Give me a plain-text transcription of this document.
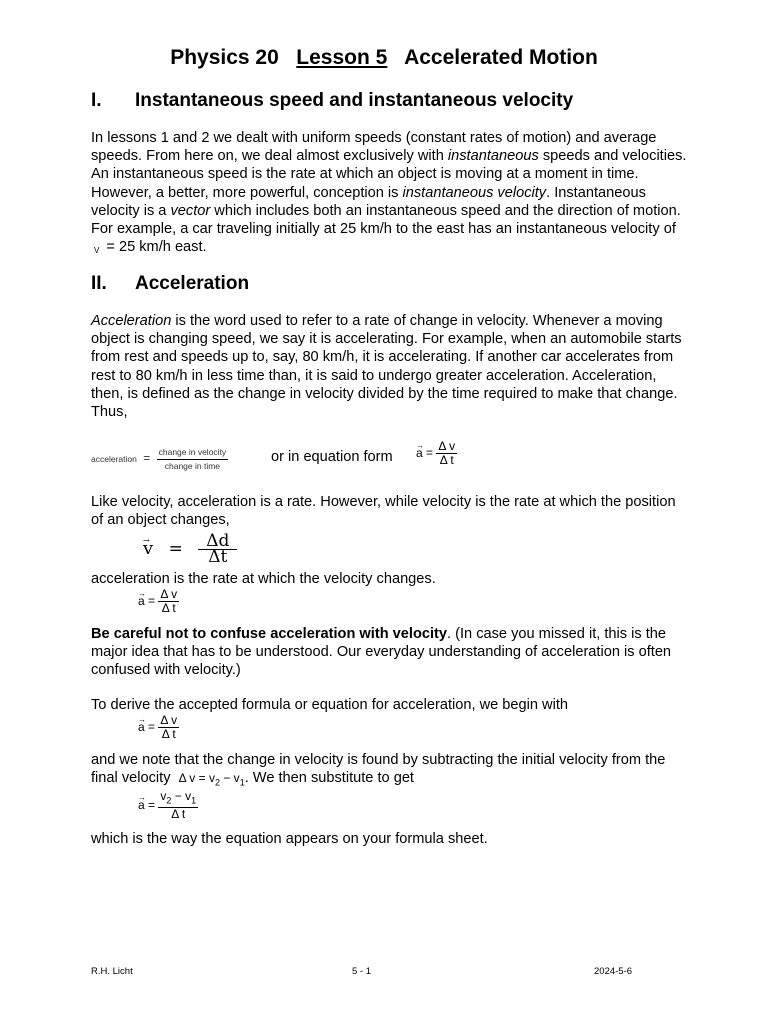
Physics 20 Lesson 5 Accelerated Motion
I. Instantaneous speed and instantaneous velocity
In lessons 1 and 2 we dealt with uniform speeds (constant rates of motion) and average speeds. From here on, we deal almost exclusively with instantaneous speeds and velocities. An instantaneous speed is the rate at which an object is moving at a moment in time. However, a better, more powerful, conception is instantaneous velocity. Instantaneous velocity is a vector which includes both an instantaneous speed and the direction of motion. For example, a car traveling initially at 25 km/h to the east has an instantaneous velocity of V = 25 km/h east.
II. Acceleration
Acceleration is the word used to refer to a rate of change in velocity. Whenever a moving object is changing speed, we say it is accelerating. For example, when an automobile starts from rest and speeds up to, say, 80 km/h, it is accelerating. If another car accelerates from rest to 80 km/h in less time than, it is said to undergo greater acceleration. Acceleration, then, is defined as the change in velocity divided by the time required to make that change. Thus,
acceleration = $\frac{\text{change in velocity}}{\text{change in time}}$	or in equation form
→ $a = \frac{\text{Δ v}}{\text{Δ t}}$
Like velocity, acceleration is a rate. However, while velocity is the rate at which the position of an object changes,
→ $v = \frac{\Delta d}{\Delta t}$
acceleration is the rate at which the velocity changes.
→ $a = \frac{\text{Δ v}}{\text{Δ t}}$
Be careful not to confuse acceleration with velocity. (In case you missed it, this is the major idea that has to be understood. Our everyday understanding of acceleration is often confused with velocity.)
To derive the accepted formula or equation for acceleration, we begin with
→ $a = \frac{\text{Δ v}}{\text{Δ t}}$
and we note that the change in velocity is found by subtracting the initial velocity from the final velocity Δ $v = v_2 - v_1$. We then substitute to get
→ $a = \frac{v_2 - v_1}{\text{Δ t}}$
which is the way the equation appears on your formula sheet.
R.H. Licht	5 - 1	2024-5-6
